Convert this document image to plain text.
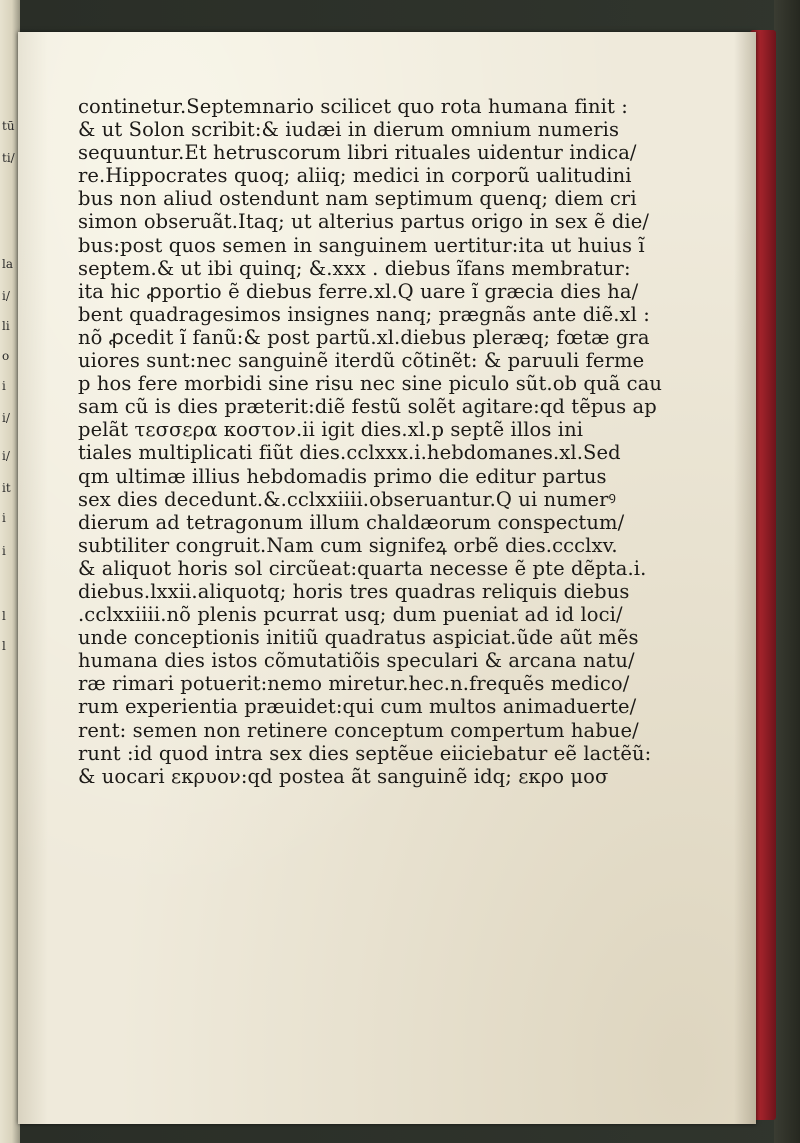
tū
ti/
la
i/
li
o
i
i/
i/
it
i
i
l
l
continetur.Septemnario scilicet quo rota humana finit :
& ut Solon scribit:& iudæi in dierum omnium numeris
sequuntur.Et hetruscorum libri rituales uidentur indica/
re.Hippocrates quoq; aliiq; medici in corporũ ualitudini
bus non aliud ostendunt nam septimum quenq; diem cri
simon obseruãt.Itaq; ut alterius partus origo in sex ẽ die/
bus:post quos semen in sanguinem uertitur:ita ut huius ĩ
septem.& ut ibi quinq; &.xxx . diebus ĩfans membratur:
ita hic ꝓportio ẽ diebus ferre.xl.Q uare ĩ græcia dies ha/
bent quadragesimos insignes nanq; prægnãs ante diẽ.xl :
nõ ꝓcedit ĩ fanũ:& post partũ.xl.diebus pleræq; fœtæ gra
uiores sunt:nec sanguinẽ iterdũ cõtinẽt: & paruuli ferme
p hos fere morbidi sine risu nec sine piculo sũt.ob quã cau
sam cũ is dies præterit:diẽ festũ solẽt agitare:qd tẽpus ap
pelãt τεσσερα κοστον.ii igit dies.xl.p septẽ illos ini
tiales multiplicati fiũt dies.cclxxx.i.hebdomanes.xl.Sed
qm ultimæ illius hebdomadis primo die editur partus
sex dies decedunt.&.cclxxiiii.obseruantur.Q ui numerꝰ
dierum ad tetragonum illum chaldæorum conspectum/
subtiliter congruit.Nam cum signifeꝝ orbẽ dies.ccclxv.
& aliquot horis sol circũeat:quarta necesse ẽ pte dẽpta.i.
diebus.lxxii.aliquotq; horis tres quadras reliquis diebus
.cclxxiiii.nõ plenis pcurrat usq; dum pueniat ad id loci/
unde conceptionis initiũ quadratus aspiciat.ũde aũt mẽs
humana dies istos cõmutatiõis speculari & arcana natu/
ræ rimari potuerit:nemo miretur.hec.n.frequẽs medico/
rum experientia præuidet:qui cum multos animaduerte/
rent: semen non retinere conceptum compertum habue/
runt :id quod intra sex dies septẽue eiiciebatur eẽ lactẽũ:
& uocari εκρυον:qd postea ãt sanguinẽ idq; εκρο μοσ
